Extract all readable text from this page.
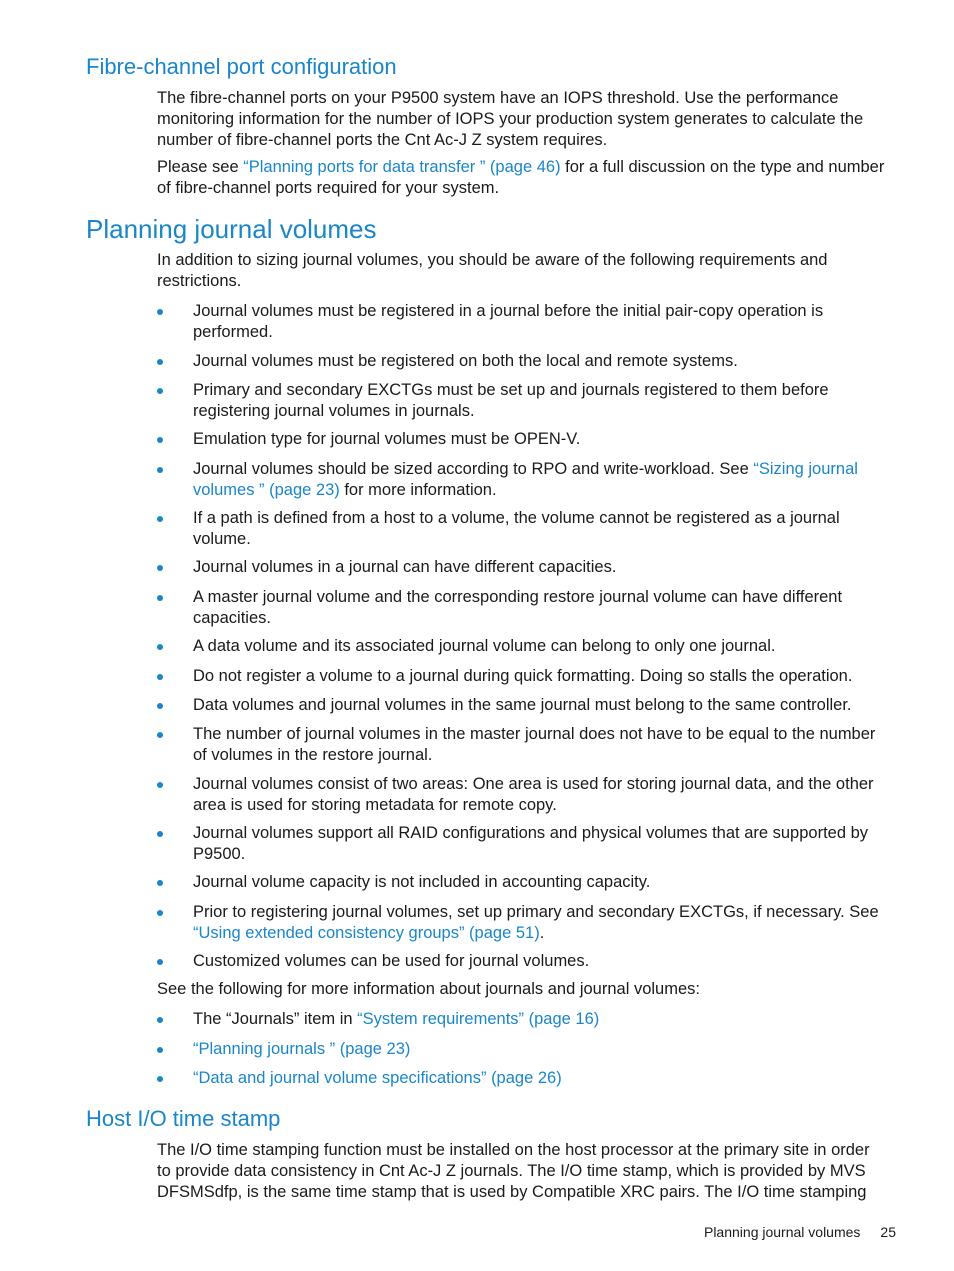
Fibre-channel port configuration

The fibre-channel ports on your P9500 system have an IOPS threshold. Use the performance
monitoring information for the number of IOPS your production system generates to calculate the
number of fibre-channel ports the Cnt Ac-J Z system requires.

Please see “Planning ports for data transfer ” (page 46) for a full discussion on the type and number
of fibre-channel ports required for your system.

Planning journal volumes

In addition to sizing journal volumes, you should be aware of the following requirements and
restrictions.

Journal volumes must be registered in a journal before the initial pair-copy operation is
performed.
Journal volumes must be registered on both the local and remote systems.
Primary and secondary EXCTGs must be set up and journals registered to them before
registering journal volumes in journals.
Emulation type for journal volumes must be OPEN-V.
Journal volumes should be sized according to RPO and write-workload. See “Sizing journal
volumes ” (page 23) for more information.
If a path is defined from a host to a volume, the volume cannot be registered as a journal
volume.
Journal volumes in a journal can have different capacities.
A master journal volume and the corresponding restore journal volume can have different
capacities.
A data volume and its associated journal volume can belong to only one journal.
Do not register a volume to a journal during quick formatting. Doing so stalls the operation.
Data volumes and journal volumes in the same journal must belong to the same controller.
The number of journal volumes in the master journal does not have to be equal to the number
of volumes in the restore journal.
Journal volumes consist of two areas: One area is used for storing journal data, and the other
area is used for storing metadata for remote copy.
Journal volumes support all RAID configurations and physical volumes that are supported by
P9500.
Journal volume capacity is not included in accounting capacity.
Prior to registering journal volumes, set up primary and secondary EXCTGs, if necessary. See
“Using extended consistency groups” (page 51).
Customized volumes can be used for journal volumes.

See the following for more information about journals and journal volumes:

The “Journals” item in “System requirements” (page 16)
“Planning journals ” (page 23)
“Data and journal volume specifications” (page 26)
Host I/O time stamp

The I/O time stamping function must be installed on the host processor at the primary site in order
to provide data consistency in Cnt Ac-J Z journals. The I/O time stamp, which is provided by MVS
DFSMSdfp, is the same time stamp that is used by Compatible XRC pairs. The I/O time stamping

Planning journal volumes 25
